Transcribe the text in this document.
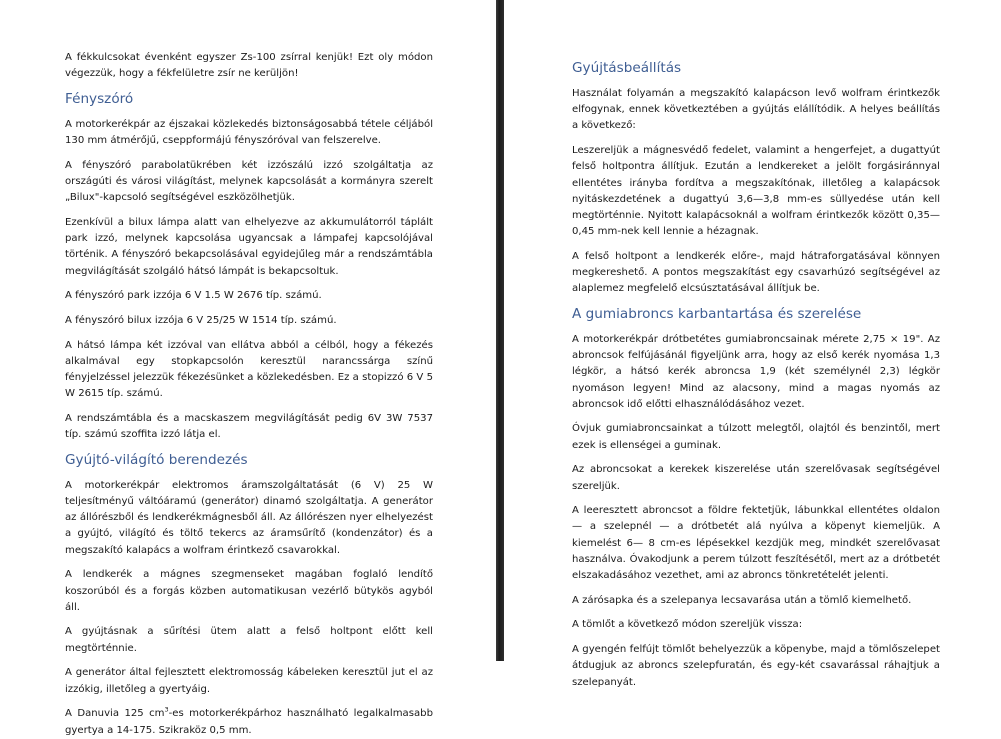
A fékkulcsokat évenként egyszer Zs-100 zsírral kenjük! Ezt oly módon végezzük, hogy a fékfelületre zsír ne kerüljön!

Fényszóró

A motorkerékpár az éjszakai közlekedés biztonságosabbá tétele céljából 130 mm átmérőjű, cseppformájú fényszóróval van felszerelve.

A fényszóró parabolatükrében két izzószálú izzó szolgáltatja az országúti és városi világítást, melynek kapcsolását a kormányra szerelt „Bilux"-kapcsoló segítségével eszközölhetjük.

Ezenkívül a bilux lámpa alatt van elhelyezve az akkumulátorról táplált park izzó, melynek kapcsolása ugyancsak a lámpafej kapcsolójával történik. A fényszóró bekapcsolásával egyidejűleg már a rendszámtábla megvilágítását szolgáló hátsó lámpát is bekapcsoltuk.

A fényszóró park izzója 6 V 1.5 W 2676 típ. számú.

A fényszóró bilux izzója 6 V 25/25 W 1514 típ. számú.

A hátsó lámpa két izzóval van ellátva abból a célból, hogy a fékezés alkalmával egy stopkapcsolón keresztül narancssárga színű fényjelzéssel jelezzük fékezésünket a közlekedésben. Ez a stopizzó 6 V 5 W 2615 típ. számú.

A rendszámtábla és a macskaszem megvilágítását pedig 6V 3W 7537 típ. számú szoffita izzó látja el.

Gyújtó-világító berendezés

A motorkerékpár elektromos áramszolgáltatását (6 V) 25 W teljesítményű váltóáramú (generátor) dinamó szolgáltatja. A generátor az állórészből és lendkerékmágnesből áll. Az állórészen nyer elhelyezést a gyújtó, világító és töltő tekercs az áramsűrítő (kondenzátor) és a megszakító kalapács a wolfram érintkező csavarokkal.

A lendkerék a mágnes szegmenseket magában foglaló lendítő koszorúból és a forgás közben automatikusan vezérlő bütykös agyból áll.

A gyújtásnak a sűrítési ütem alatt a felső holtpont előtt kell megtörténnie.

A generátor által fejlesztett elektromosság kábeleken keresztül jut el az izzókig, illetőleg a gyertyáig.

A Danuvia 125 $cm^3-es$ motorkerékpárhoz használható legalkalmasabb gyertya a 14-175. Szikraköz 0,5 mm.

Gyújtásbeállítás

Használat folyamán a megszakító kalapácson levő wolfram érintkezők elfogynak, ennek következtében a gyújtás elállítódik. A helyes beállítás a következő:

Leszereljük a mágnesvédő fedelet, valamint a hengerfejet, a dugattyút felső holtpontra állítjuk. Ezután a lendkereket a jelölt forgásiránnyal ellentétes irányba fordítva a megszakítónak, illetőleg a kalapácsok nyitáskezdetének a dugattyú 3,6—3,8 mm-es süllyedése után kell megtörténnie. Nyitott kalapácsoknál a wolfram érintkezők között 0,35—0,45 mm-nek kell lennie a hézagnak.

A felső holtpont a lendkerék előre-, majd hátraforgatásával könnyen megkereshető. A pontos megszakítást egy csavarhúzó segítségével az alaplemez megfelelő elcsúsztatásával állítjuk be.

A gumiabroncs karbantartása és szerelése

A motorkerékpár drótbetétes gumiabroncsainak mérete 2,75 × 19". Az abroncsok felfújásánál figyeljünk arra, hogy az első kerék nyomása 1,3 légkör, a hátsó kerék abroncsa 1,9 (két személynél 2,3) légkör nyomáson legyen! Mind az alacsony, mind a magas nyomás az abroncsok idő előtti elhasználódásához vezet.

Óvjuk gumiabroncsainkat a túlzott melegtől, olajtól és benzintől, mert ezek is ellenségei a guminak.

Az abroncsokat a kerekek kiszerelése után szerelővasak segítségével szereljük.

A leeresztett abroncsot a földre fektetjük, lábunkkal ellentétes oldalon — a szelepnél — a drótbetét alá nyúlva a köpenyt kiemeljük. A kiemelést 6— 8 cm-es lépésekkel kezdjük meg, mindkét szerelővasat használva. Óvakodjunk a perem túlzott feszítésétől, mert az a drótbetét elszakadásához vezethet, ami az abroncs tönkretételét jelenti.

A zárósapka és a szelepanya lecsavarása után a tömlő kiemelhető.

A tömlőt a következő módon szereljük vissza:

A gyengén felfújt tömlőt behelyezzük a köpenybe, majd a tömlőszelepet átdugjuk az abroncs szelepfuratán, és egy-két csavarással ráhajtjuk a szelepanyát.
